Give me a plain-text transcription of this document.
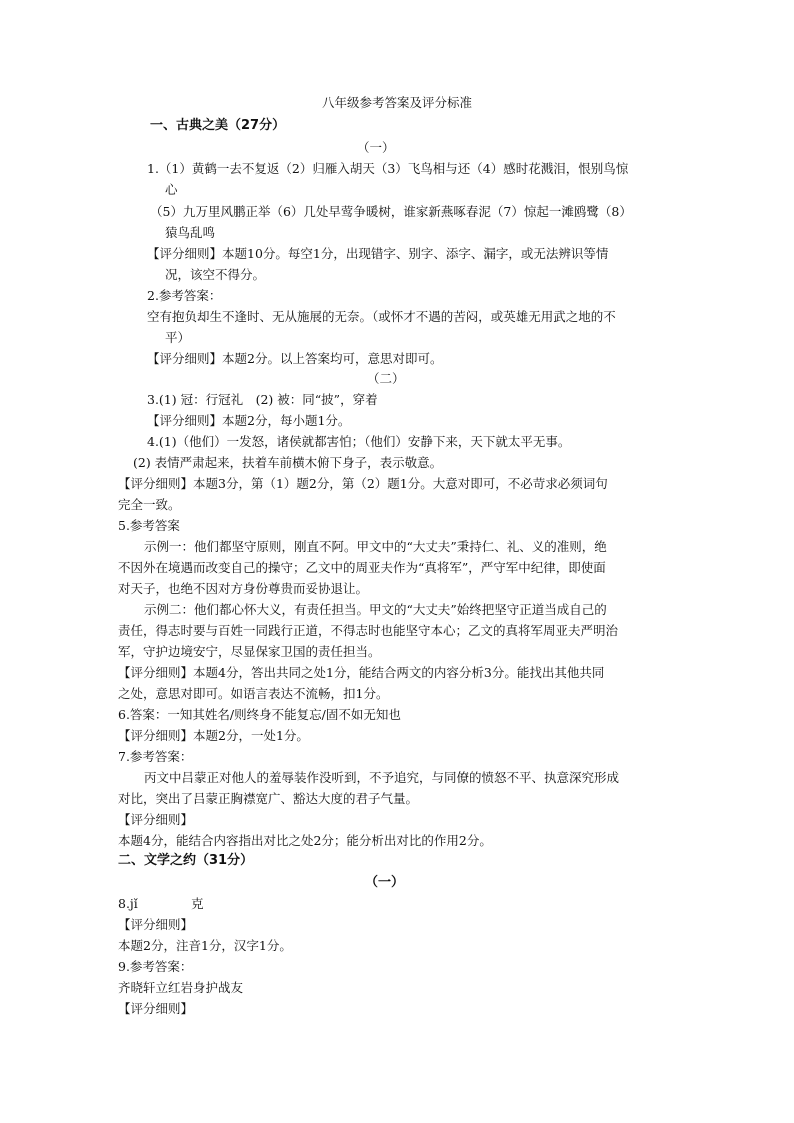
八年级参考答案及评分标准
一、古典之美（27分）
（一）
1.（1）黄鹤一去不复返（2）归雁入胡天（3）飞鸟相与还（4）感时花溅泪，恨别鸟惊
心
（5）九万里风鹏正举（6）几处早莺争暖树，谁家新燕啄春泥（7）惊起一滩鸥鹭（8）
猿鸟乱鸣
【评分细则】本题10分。每空1分，出现错字、别字、添字、漏字，或无法辨识等情
况，该空不得分。
2.参考答案：
空有抱负却生不逢时、无从施展的无奈。（或怀才不遇的苦闷，或英雄无用武之地的不
平）
【评分细则】本题2分。以上答案均可，意思对即可。
（二）
3.(1) 冠：行冠礼　(2) 被：同“披”，穿着
【评分细则】本题2分，每小题1分。
4.(1)（他们）一发怒，诸侯就都害怕；（他们）安静下来，天下就太平无事。
(2) 表情严肃起来，扶着车前横木俯下身子，表示敬意。
【评分细则】本题3分，第（1）题2分，第（2）题1分。大意对即可，不必苛求必须词句
完全一致。
5.参考答案
示例一：他们都坚守原则，刚直不阿。甲文中的“大丈夫”秉持仁、礼、义的准则，绝
不因外在境遇而改变自己的操守；乙文中的周亚夫作为“真将军”，严守军中纪律，即使面
对天子，也绝不因对方身份尊贵而妥协退让。
示例二：他们都心怀大义，有责任担当。甲文的“大丈夫”始终把坚守正道当成自己的
责任，得志时要与百姓一同践行正道，不得志时也能坚守本心；乙文的真将军周亚夫严明治
军，守护边境安宁，尽显保家卫国的责任担当。
【评分细则】本题4分，答出共同之处1分，能结合两文的内容分析3分。能找出其他共同
之处，意思对即可。如语言表达不流畅，扣1分。
6.答案：一知其姓名/则终身不能复忘/固不如无知也
【评分细则】本题2分，一处1分。
7.参考答案：
丙文中吕蒙正对他人的羞辱装作没听到，不予追究，与同僚的愤怒不平、执意深究形成
对比，突出了吕蒙正胸襟宽广、豁达大度的君子气量。
【评分细则】
本题4分，能结合内容指出对比之处2分；能分析出对比的作用2分。
二、文学之约（31分）
（一）
8.jǐ	克
【评分细则】
本题2分，注音1分，汉字1分。
9.参考答案：
齐晓轩立红岩身护战友
【评分细则】
